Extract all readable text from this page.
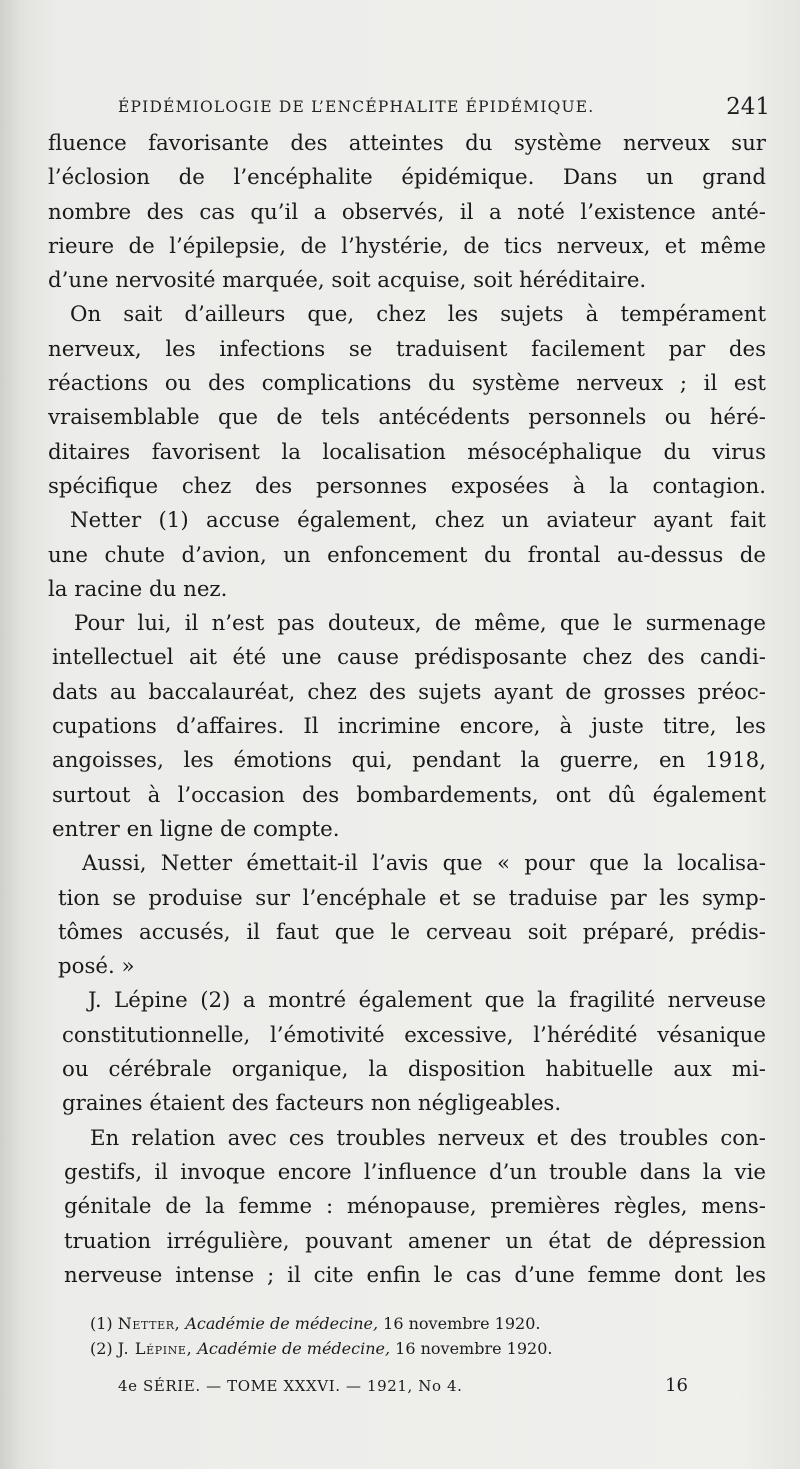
ÉPIDÉMIOLOGIE DE L’ENCÉPHALITE ÉPIDÉMIQUE.	241
fluence favorisante des atteintes du système nerveux sur
l’éclosion de l’encéphalite épidémique. Dans un grand
nombre des cas qu’il a observés, il a noté l’existence anté-
rieure de l’épilepsie, de l’hystérie, de tics nerveux, et même
d’une nervosité marquée, soit acquise, soit héréditaire.
On sait d’ailleurs que, chez les sujets à tempérament
nerveux, les infections se traduisent facilement par des
réactions ou des complications du système nerveux ; il est
vraisemblable que de tels antécédents personnels ou héré-
ditaires favorisent la localisation mésocéphalique du virus
spécifique chez des personnes exposées à la contagion.
Netter (1) accuse également, chez un aviateur ayant fait
une chute d’avion, un enfoncement du frontal au-dessus de
la racine du nez.
Pour lui, il n’est pas douteux, de même, que le surmenage
intellectuel ait été une cause prédisposante chez des candi-
dats au baccalauréat, chez des sujets ayant de grosses préoc-
cupations d’affaires. Il incrimine encore, à juste titre, les
angoisses, les émotions qui, pendant la guerre, en 1918,
surtout à l’occasion des bombardements, ont dû également
entrer en ligne de compte.
Aussi, Netter émettait-il l’avis que « pour que la localisa-
tion se produise sur l’encéphale et se traduise par les symp-
tômes accusés, il faut que le cerveau soit préparé, prédis-
posé. »
J. Lépine (2) a montré également que la fragilité nerveuse
constitutionnelle, l’émotivité excessive, l’hérédité vésanique
ou cérébrale organique, la disposition habituelle aux mi-
graines étaient des facteurs non négligeables.
En relation avec ces troubles nerveux et des troubles con-
gestifs, il invoque encore l’influence d’un trouble dans la vie
génitale de la femme : ménopause, premières règles, mens-
truation irrégulière, pouvant amener un état de dépression
nerveuse intense ; il cite enfin le cas d’une femme dont les
(1) Netter, Académie de médecine, 16 novembre 1920.
(2) J. Lépine, Académie de médecine, 16 novembre 1920.
4e SÉRIE. — TOME XXXVI. — 1921, No 4.	16
